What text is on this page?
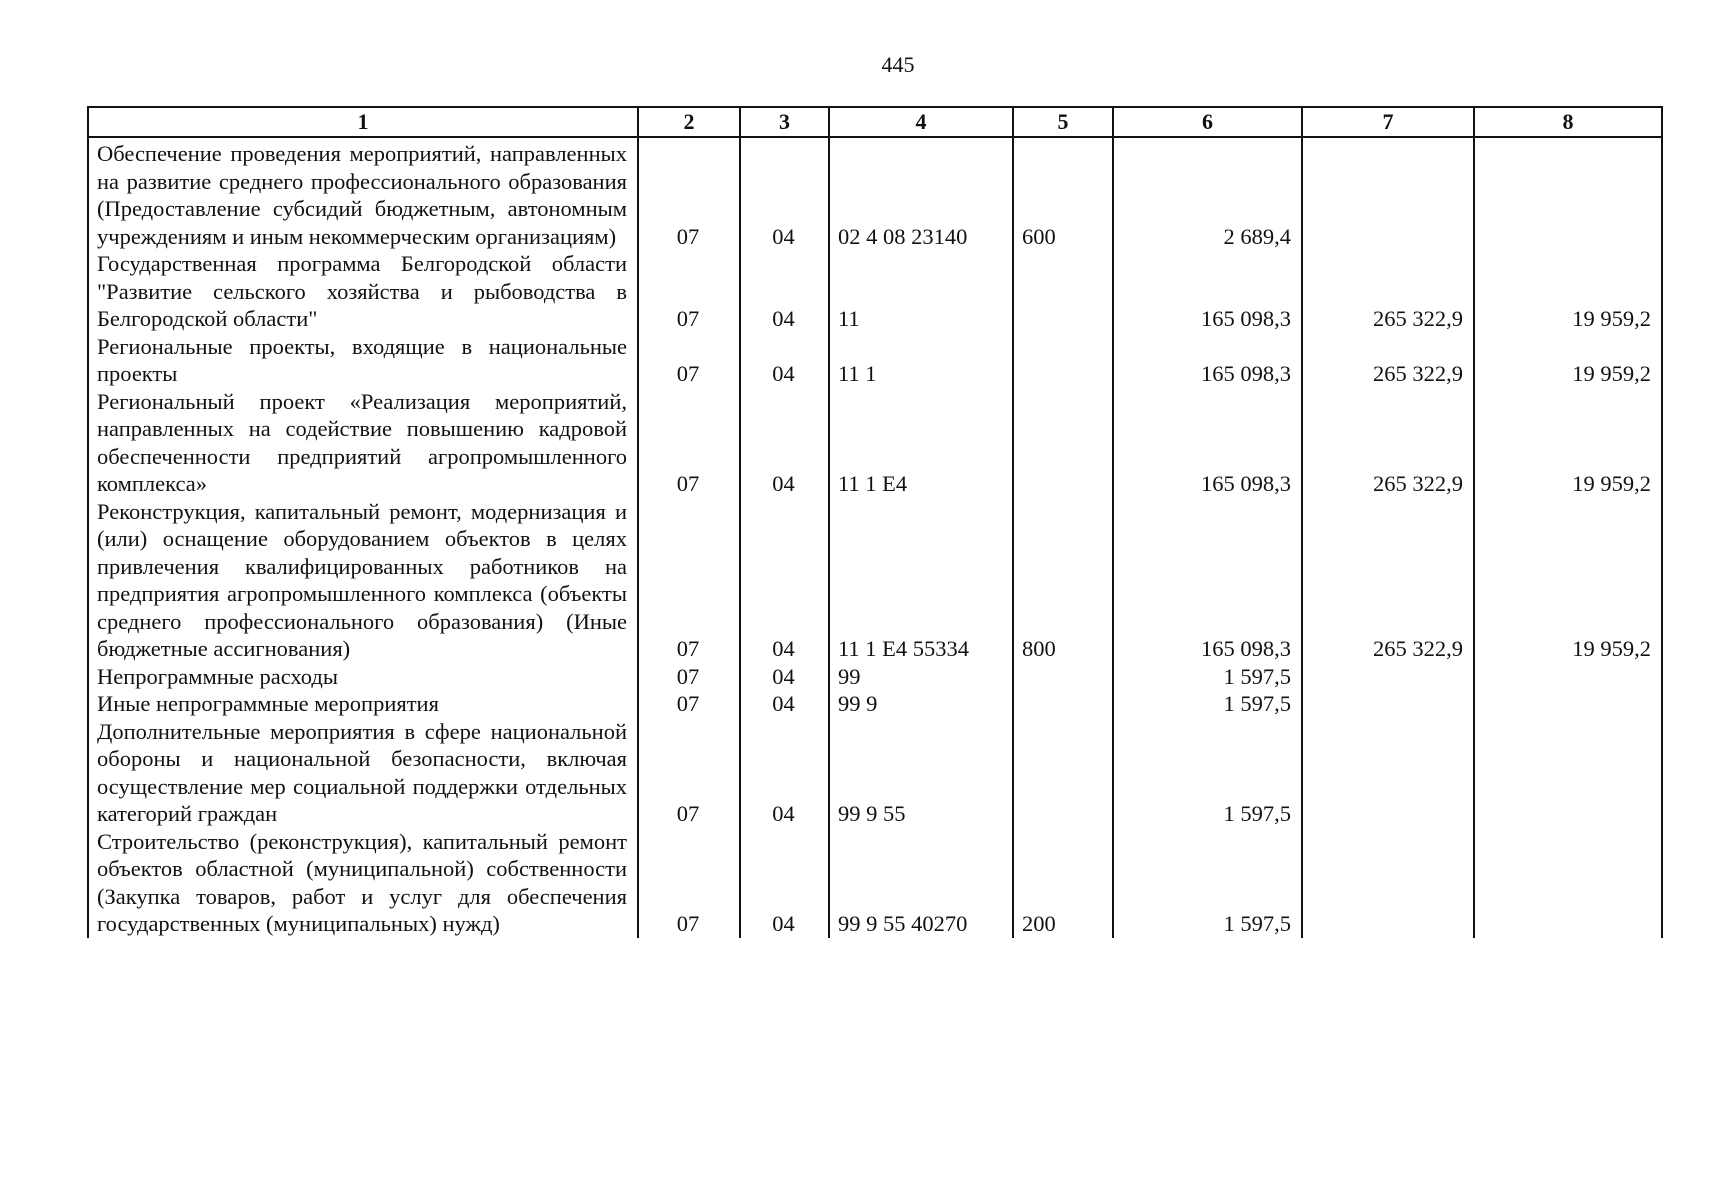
445
1	2	3	4	5	6	7	8
Обеспечение проведения мероприятий, направленных на развитие среднего профессионального образования (Предоставление субсидий бюджетным, автономным учреждениям и иным некоммерческим организациям)	07	04	02 4 08 23140	600	2 689,4		
Государственная программа Белгородской области "Развитие сельского хозяйства и рыбоводства в Белгородской области"	07	04	11		165 098,3	265 322,9	19 959,2
Региональные проекты, входящие в национальные проекты	07	04	11 1		165 098,3	265 322,9	19 959,2
Региональный проект «Реализация мероприятий, направленных на содействие повышению кадровой обеспеченности предприятий агропромышленного комплекса»	07	04	11 1 E4		165 098,3	265 322,9	19 959,2
Реконструкция, капитальный ремонт, модернизация и (или) оснащение оборудованием объектов в целях привлечения квалифицированных работников на предприятия агропромышленного комплекса (объекты среднего профессионального образования) (Иные бюджетные ассигнования)	07	04	11 1 E4 55334	800	165 098,3	265 322,9	19 959,2
Непрограммные расходы	07	04	99		1 597,5		
Иные непрограммные мероприятия	07	04	99 9		1 597,5		
Дополнительные мероприятия в сфере национальной обороны и национальной безопасности, включая осуществление мер социальной поддержки отдельных категорий граждан	07	04	99 9 55		1 597,5		
Строительство (реконструкция), капитальный ремонт объектов областной (муниципальной) собственности (Закупка товаров, работ и услуг для обеспечения государственных (муниципальных) нужд)	07	04	99 9 55 40270	200	1 597,5		
